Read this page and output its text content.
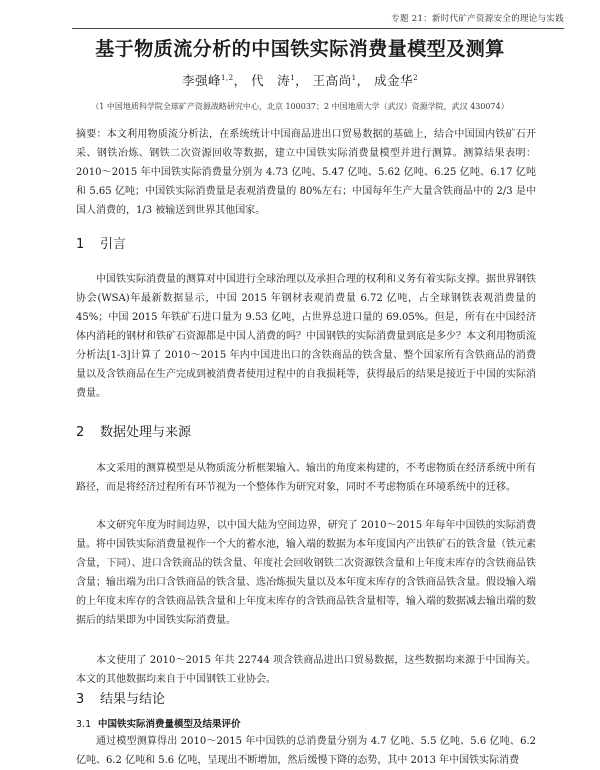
专题 21：新时代矿产资源安全的理论与实践
基于物质流分析的中国铁实际消费量模型及测算
李强峰$^{1,2}$， 代　涛$^1$， 王高尚$^1$， 成金华$^2$
（1 中国地质科学院全球矿产资源战略研究中心，北京 100037；2 中国地质大学（武汉）资源学院，武汉 430074）
摘要：本文利用物质流分析法，在系统统计中国商品进出口贸易数据的基础上，结合中国国内铁矿石开采、钢铁冶炼、钢铁二次资源回收等数据，建立中国铁实际消费量模型并进行测算。测算结果表明：2010～2015 年中国铁实际消费量分别为 4.73 亿吨、5.47 亿吨、5.62 亿吨、6.25 亿吨、6.17 亿吨和 5.65 亿吨；中国铁实际消费量是表观消费量的 80%左右；中国每年生产大量含铁商品中的 2/3 是中国人消费的，1/3 被输送到世界其他国家。
1 引言
中国铁实际消费量的测算对中国进行全球治理以及承担合理的权利和义务有着实际支撑。据世界钢铁协会(WSA)年最新数据显示，中国 2015 年钢材表观消费量 6.72 亿吨，占全球钢铁表观消费量的 45%；中国 2015 年铁矿石进口量为 9.53 亿吨，占世界总进口量的 69.05%。但是，所有在中国经济体内消耗的钢材和铁矿石资源都是中国人消费的吗？中国钢铁的实际消费量到底是多少？本文利用物质流分析法[1-3]计算了 2010～2015 年内中国进出口的含铁商品的铁含量、整个国家所有含铁商品的消费量以及含铁商品在生产完成到被消费者使用过程中的自我损耗等，获得最后的结果是接近于中国的实际消费量。
2 数据处理与来源
本文采用的测算模型是从物质流分析框架输入、输出的角度来构建的，不考虑物质在经济系统中所有路径，而是将经济过程所有环节视为一个整体作为研究对象，同时不考虑物质在环境系统中的迁移。
本文研究年度为时间边界，以中国大陆为空间边界，研究了 2010～2015 年每年中国铁的实际消费量。将中国铁实际消费量视作一个大的蓄水池，输入端的数据为本年度国内产出铁矿石的铁含量（铁元素含量，下同）、进口含铁商品的铁含量、年度社会回收钢铁二次资源铁含量和上年度末库存的含铁商品铁含量；输出端为出口含铁商品的铁含量、选冶炼损失量以及本年度末库存的含铁商品铁含量。假设输入端的上年度末库存的含铁商品铁含量和上年度末库存的含铁商品铁含量相等，输入端的数据减去输出端的数据后的结果即为中国铁实际消费量。
本文使用了 2010～2015 年共 22744 项含铁商品进出口贸易数据，这些数据均来源于中国海关。本文的其他数据均来自于中国钢铁工业协会。
3 结果与结论
3.1 中国铁实际消费量模型及结果评价
通过模型测算得出 2010～2015 年中国铁的总消费量分别为 4.7 亿吨、5.5 亿吨、5.6 亿吨、6.2 亿吨、6.2 亿吨和 5.6 亿吨，呈现出不断增加，然后缓慢下降的态势，其中 2013 年中国铁实际消费
